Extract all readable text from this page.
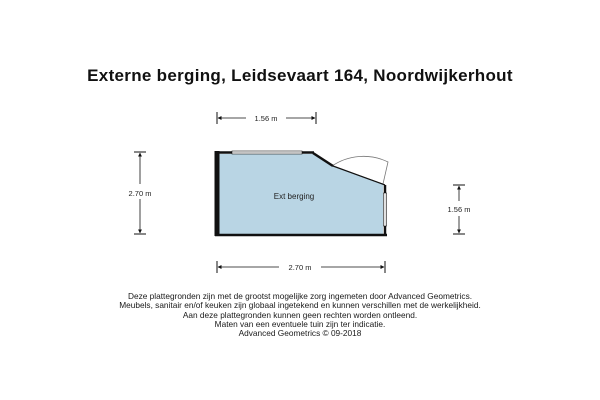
Externe berging, Leidsevaart 164, Noordwijkerhout
1.56 m
2.70 m
1.56 m
2.70 m
Ext berging
Deze plattegronden zijn met de grootst mogelijke zorg ingemeten door Advanced Geometrics.
Meubels, sanitair en/of keuken zijn globaal ingetekend en kunnen verschillen met de werkelijkheid.
Aan deze plattegronden kunnen geen rechten worden ontleend.
Maten van een eventuele tuin zijn ter indicatie.
Advanced Geometrics © 09-2018
